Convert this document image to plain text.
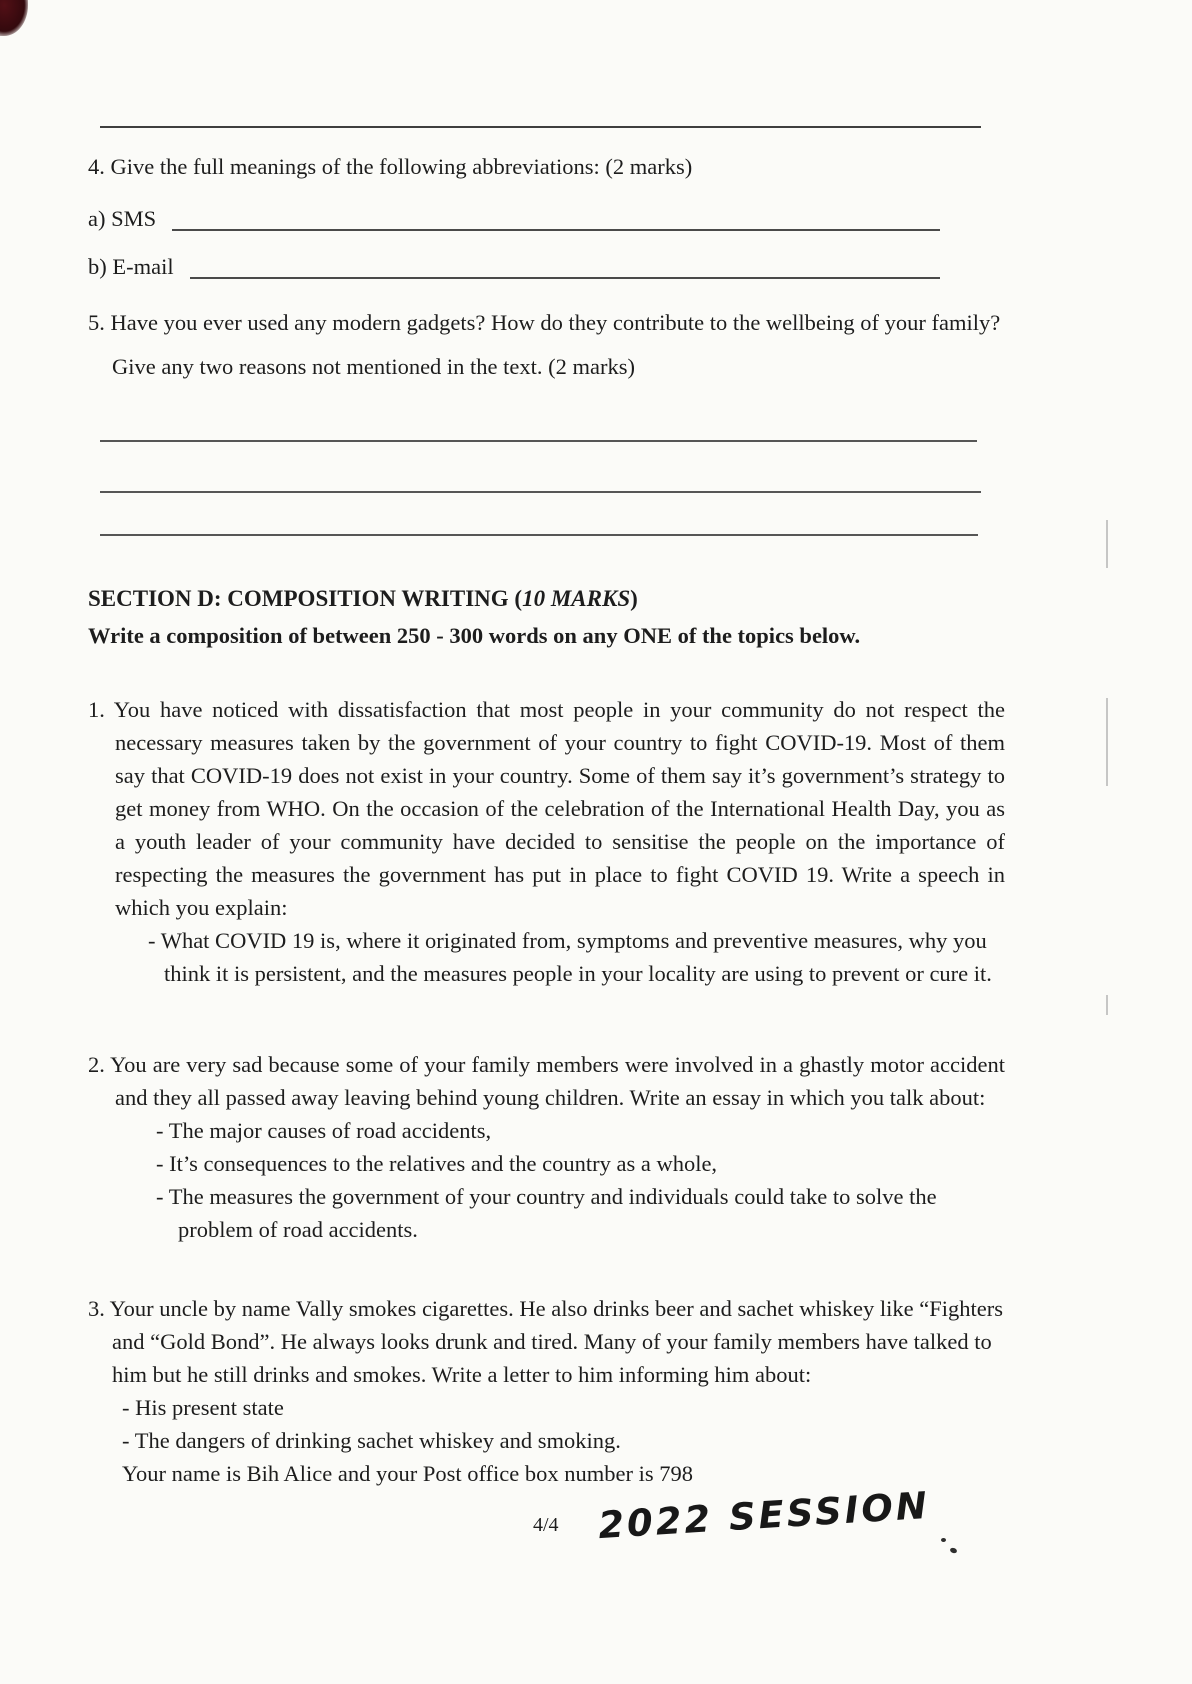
4. Give the full meanings of the following abbreviations: (2 marks)

a) SMS
b) E-mail

5. Have you ever used any modern gadgets? How do they contribute to the wellbeing of your family?

Give any two reasons not mentioned in the text. (2 marks)

SECTION D: COMPOSITION WRITING (10 MARKS)

Write a composition of between 250 - 300 words on any ONE of the topics below.

1. You have noticed with dissatisfaction that most people in your community do not respect the necessary measures taken by the government of your country to fight COVID-19. Most of them say that COVID-19 does not exist in your country. Some of them say it’s government’s strategy to get money from WHO. On the occasion of the celebration of the International Health Day, you as a youth leader of your community have decided to sensitise the people on the importance of respecting the measures the government has put in place to fight COVID 19. Write a speech in which you explain:

- What COVID 19 is, where it originated from, symptoms and preventive measures, why you think it is persistent, and the measures people in your locality are using to prevent or cure it.

2. You are very sad because some of your family members were involved in a ghastly motor accident and they all passed away leaving behind young children. Write an essay in which you talk about:

- The major causes of road accidents,

- It’s consequences to the relatives and the country as a whole,

- The measures the government of your country and individuals could take to solve the problem of road accidents.

3. Your uncle by name Vally smokes cigarettes. He also drinks beer and sachet whiskey like “Fighters and “Gold Bond”. He always looks drunk and tired. Many of your family members have talked to him but he still drinks and smokes. Write a letter to him informing him about:

- His present state

- The dangers of drinking sachet whiskey and smoking.

Your name is Bih Alice and your Post office box number is 798

4/4 2022 SESSION
